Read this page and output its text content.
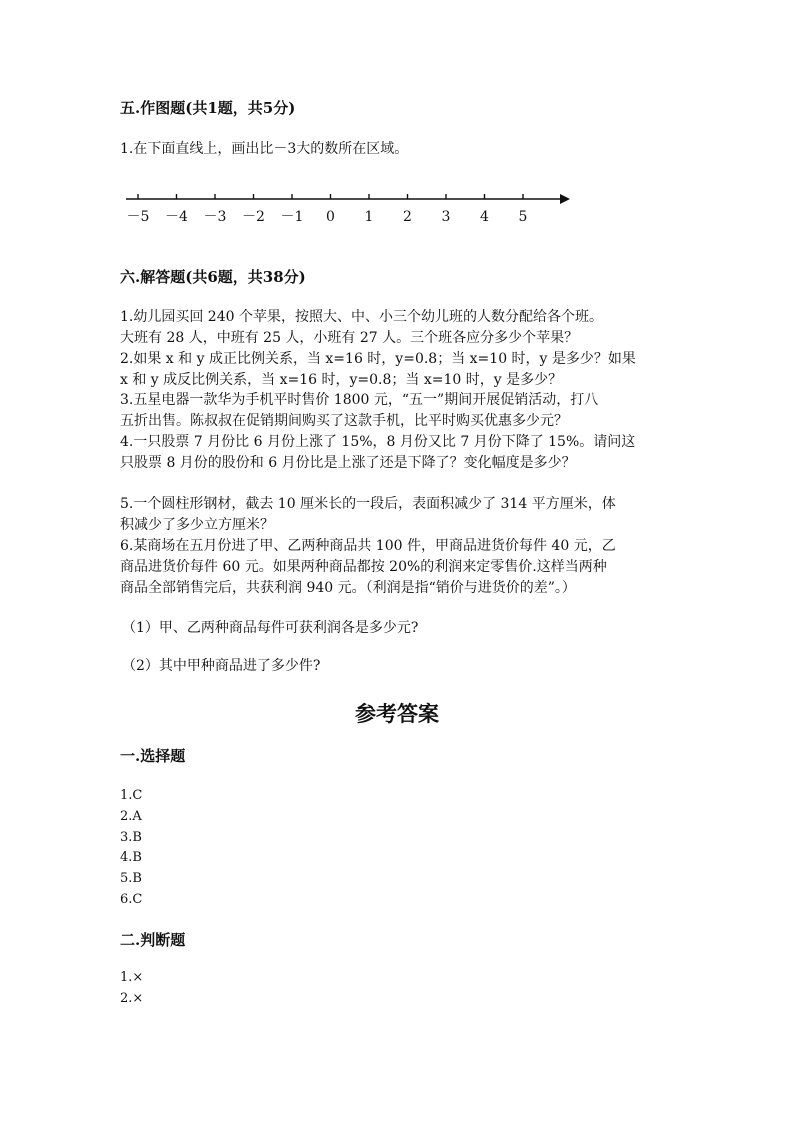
五.作图题(共1题，共5分)
1.在下面直线上，画出比－3大的数所在区域。
－5 －4 －3 －2 －1 0 1 2 3 4 5
六.解答题(共6题，共38分)
1.幼儿园买回 240 个苹果，按照大、中、小三个幼儿班的人数分配给各个班。
大班有 28 人，中班有 25 人，小班有 27 人。三个班各应分多少个苹果？
2.如果 x 和 y 成正比例关系，当 x=16 时，y=0.8；当 x=10 时，y 是多少？如果
x 和 y 成反比例关系，当 x=16 时，y=0.8；当 x=10 时，y 是多少？
3.五星电器一款华为手机平时售价 1800 元，“五一”期间开展促销活动，打八
五折出售。陈叔叔在促销期间购买了这款手机，比平时购买优惠多少元？
4.一只股票 7 月份比 6 月份上涨了 15%，8 月份又比 7 月份下降了 15%。请问这
只股票 8 月份的股份和 6 月份比是上涨了还是下降了？变化幅度是多少？
5.一个圆柱形钢材，截去 10 厘米长的一段后，表面积减少了 314 平方厘米，体
积减少了多少立方厘米？
6.某商场在五月份进了甲、乙两种商品共 100 件，甲商品进货价每件 40 元，乙
商品进货价每件 60 元。如果两种商品都按 20%的利润来定零售价.这样当两种
商品全部销售完后，共获利润 940 元。（利润是指“销价与进货价的差”。）
（1）甲、乙两种商品每件可获利润各是多少元?
（2）其中甲种商品进了多少件?
参考答案
一.选择题
1.C
2.A
3.B
4.B
5.B
6.C
二.判断题
1.×
2.×
